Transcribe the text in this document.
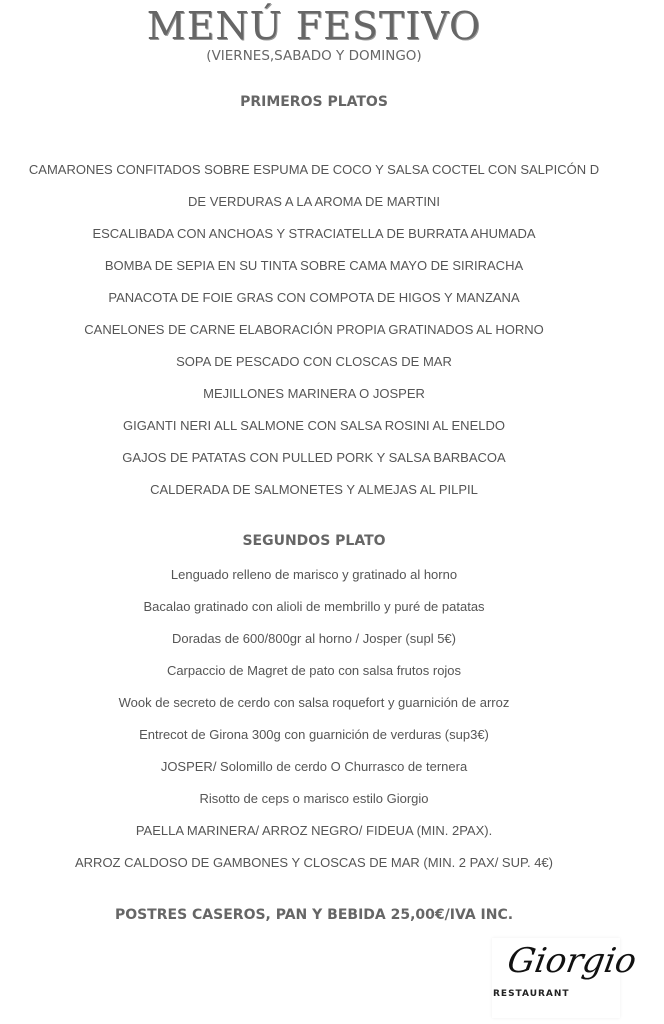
MENÚ FESTIVO
(VIERNES,SABADO Y DOMINGO)
PRIMEROS PLATOS
CAMARONES CONFITADOS SOBRE ESPUMA DE COCO Y SALSA COCTEL CON SALPICÓN D
DE VERDURAS A LA AROMA DE MARTINI
ESCALIBADA CON ANCHOAS Y STRACIATELLA DE BURRATA AHUMADA
BOMBA DE SEPIA EN SU TINTA SOBRE CAMA MAYO DE SIRIRACHA
PANACOTA DE FOIE GRAS CON COMPOTA DE HIGOS Y MANZANA
CANELONES DE CARNE ELABORACIÓN PROPIA GRATINADOS AL HORNO
SOPA DE PESCADO CON CLOSCAS DE MAR
MEJILLONES MARINERA O JOSPER
GIGANTI NERI ALL SALMONE CON SALSA ROSINI AL ENELDO
GAJOS DE PATATAS CON PULLED PORK Y SALSA BARBACOA
CALDERADA DE SALMONETES Y ALMEJAS AL PILPIL
SEGUNDOS PLATO
Lenguado relleno de marisco y gratinado al horno
Bacalao gratinado con alioli de membrillo y puré de patatas
Doradas de 600/800gr al horno / Josper (supl 5€)
Carpaccio de Magret de pato con salsa frutos rojos
Wook de secreto de cerdo con salsa roquefort y guarnición de arroz
Entrecot de Girona 300g con guarnición de verduras (sup3€)
JOSPER/ Solomillo de cerdo O Churrasco de ternera
Risotto de ceps o marisco estilo Giorgio
PAELLA MARINERA/ ARROZ NEGRO/ FIDEUA (MIN. 2PAX).
ARROZ CALDOSO DE GAMBONES Y CLOSCAS DE MAR (MIN. 2 PAX/ SUP. 4€)
POSTRES CASEROS, PAN Y BEBIDA 25,00€/IVA INC.
Giorgio
RESTAURANT
